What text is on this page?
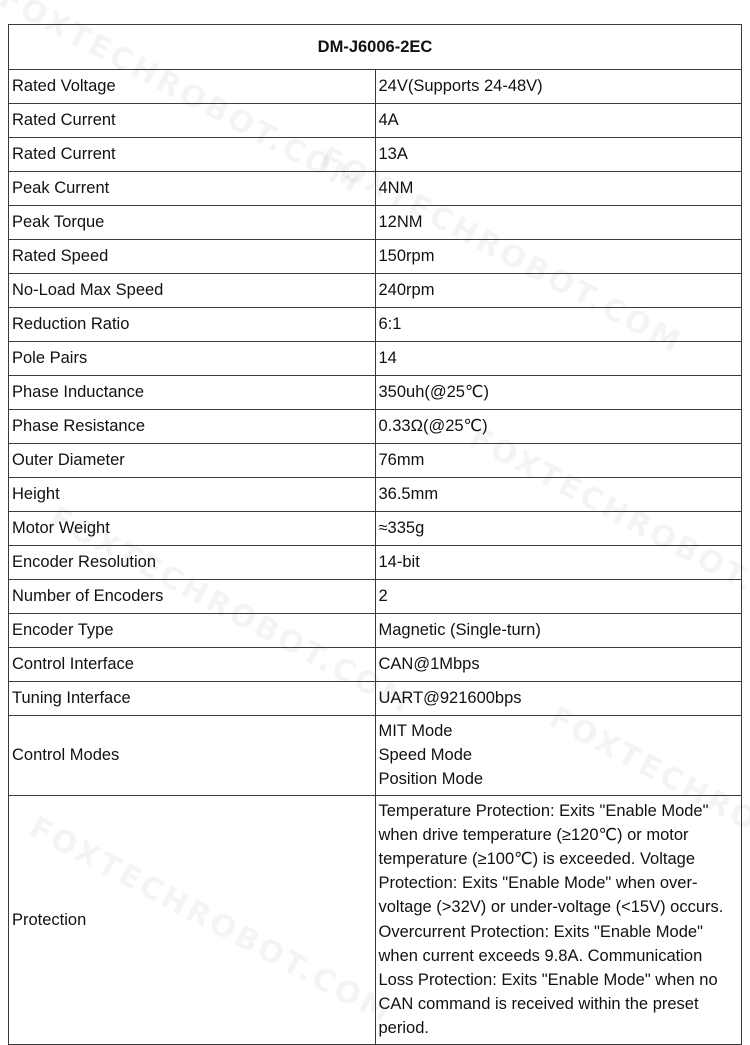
DM-J6006-2EC	
Rated Voltage	24V(Supports 24-48V)
Rated Current	4A
Rated Current	13A
Peak Current	4NM
Peak Torque	12NM
Rated Speed	150rpm
No-Load Max Speed	240rpm
Reduction Ratio	6:1
Pole Pairs	14
Phase Inductance	350uh(@25℃)
Phase Resistance	0.33Ω(@25℃)
Outer Diameter	76mm
Height	36.5mm
Motor Weight	≈335g
Encoder Resolution	14-bit
Number of Encoders	2
Encoder Type	Magnetic (Single-turn)
Control Interface	CAN@1Mbps
Tuning Interface	UART@921600bps
Control Modes	MIT Mode
Speed Mode
Position Mode

Protection	Temperature Protection: Exits "Enable Mode" when drive temperature (≥120℃) or motor temperature (≥100℃) is exceeded. Voltage Protection: Exits "Enable Mode" when over-voltage (>32V) or under-voltage (<15V) occurs. Overcurrent Protection: Exits "Enable Mode" when current exceeds 9.8A. Communication Loss Protection: Exits "Enable Mode" when no CAN command is received within the preset period.
